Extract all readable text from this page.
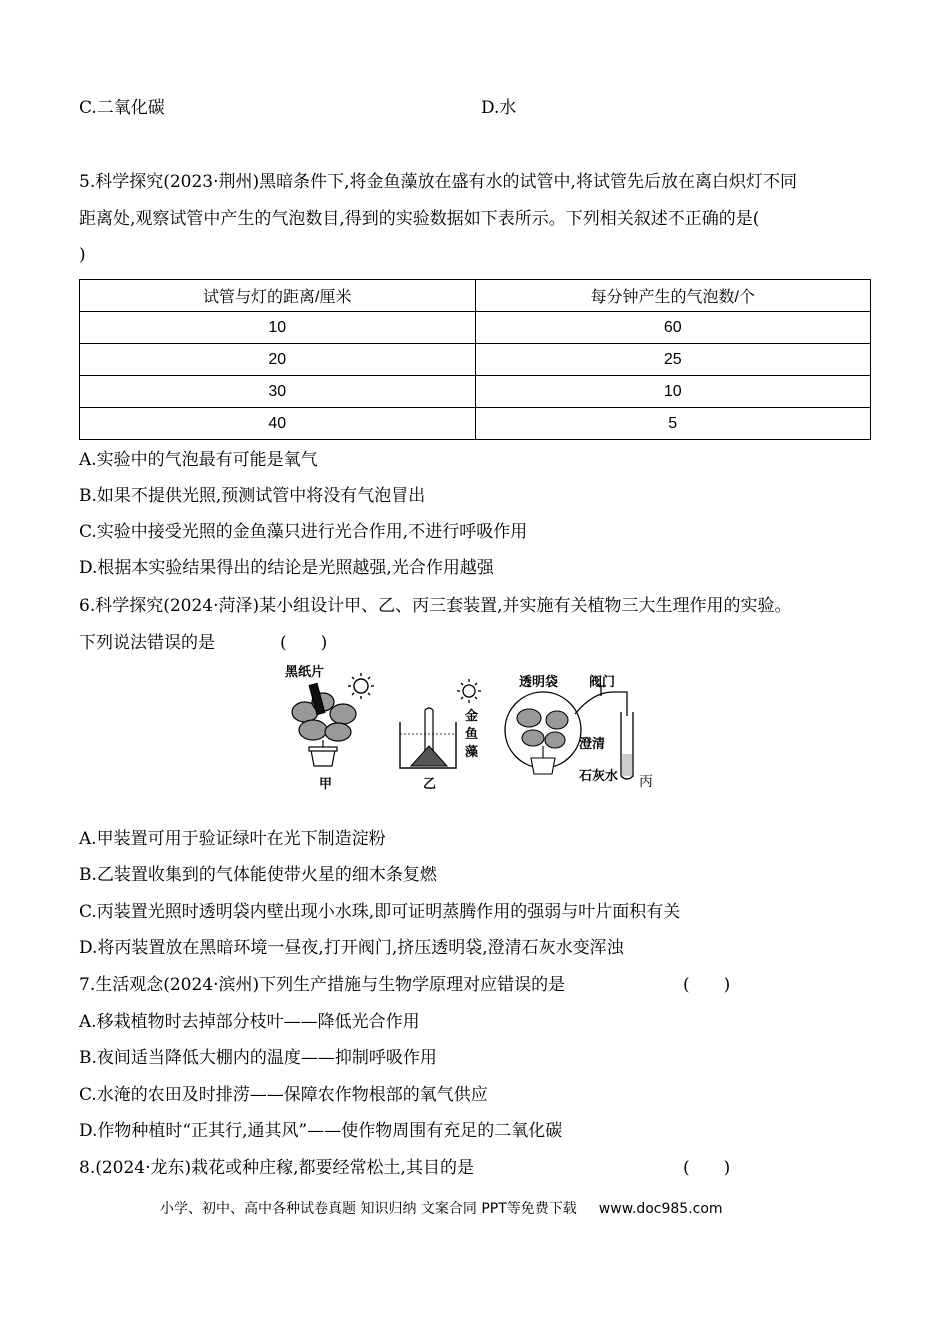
C.二氧化碳	D.水
5.科学探究(2023·荆州)黑暗条件下,将金鱼藻放在盛有水的试管中,将试管先后放在离白炽灯不同
距离处,观察试管中产生的气泡数目,得到的实验数据如下表所示。下列相关叙述不正确的是(
)
试管与灯的距离/厘米	每分钟产生的气泡数/个
10	60
20	25
30	10
40	5
A.实验中的气泡最有可能是氧气
B.如果不提供光照,预测试管中将没有气泡冒出
C.实验中接受光照的金鱼藻只进行光合作用,不进行呼吸作用
D.根据本实验结果得出的结论是光照越强,光合作用越强
6.科学探究(2024·菏泽)某小组设计甲、乙、丙三套装置,并实施有关植物三大生理作用的实验。
下列说法错误的是	(　　)
黑纸片
甲
金
鱼
藻
乙
透明袋 阀门
澄清
石灰水 丙
A.甲装置可用于验证绿叶在光下制造淀粉
B.乙装置收集到的气体能使带火星的细木条复燃
C.丙装置光照时透明袋内壁出现小水珠,即可证明蒸腾作用的强弱与叶片面积有关
D.将丙装置放在黑暗环境一昼夜,打开阀门,挤压透明袋,澄清石灰水变浑浊
7.生活观念(2024·滨州)下列生产措施与生物学原理对应错误的是	(　　)
A.移栽植物时去掉部分枝叶——降低光合作用
B.夜间适当降低大棚内的温度——抑制呼吸作用
C.水淹的农田及时排涝——保障农作物根部的氧气供应
D.作物种植时“正其行,通其风”——使作物周围有充足的二氧化碳
8.(2024·龙东)栽花或种庄稼,都要经常松土,其目的是	(　　)
小学、初中、高中各种试卷真题 知识归纳 文案合同 PPT等免费下载 www.doc985.com
